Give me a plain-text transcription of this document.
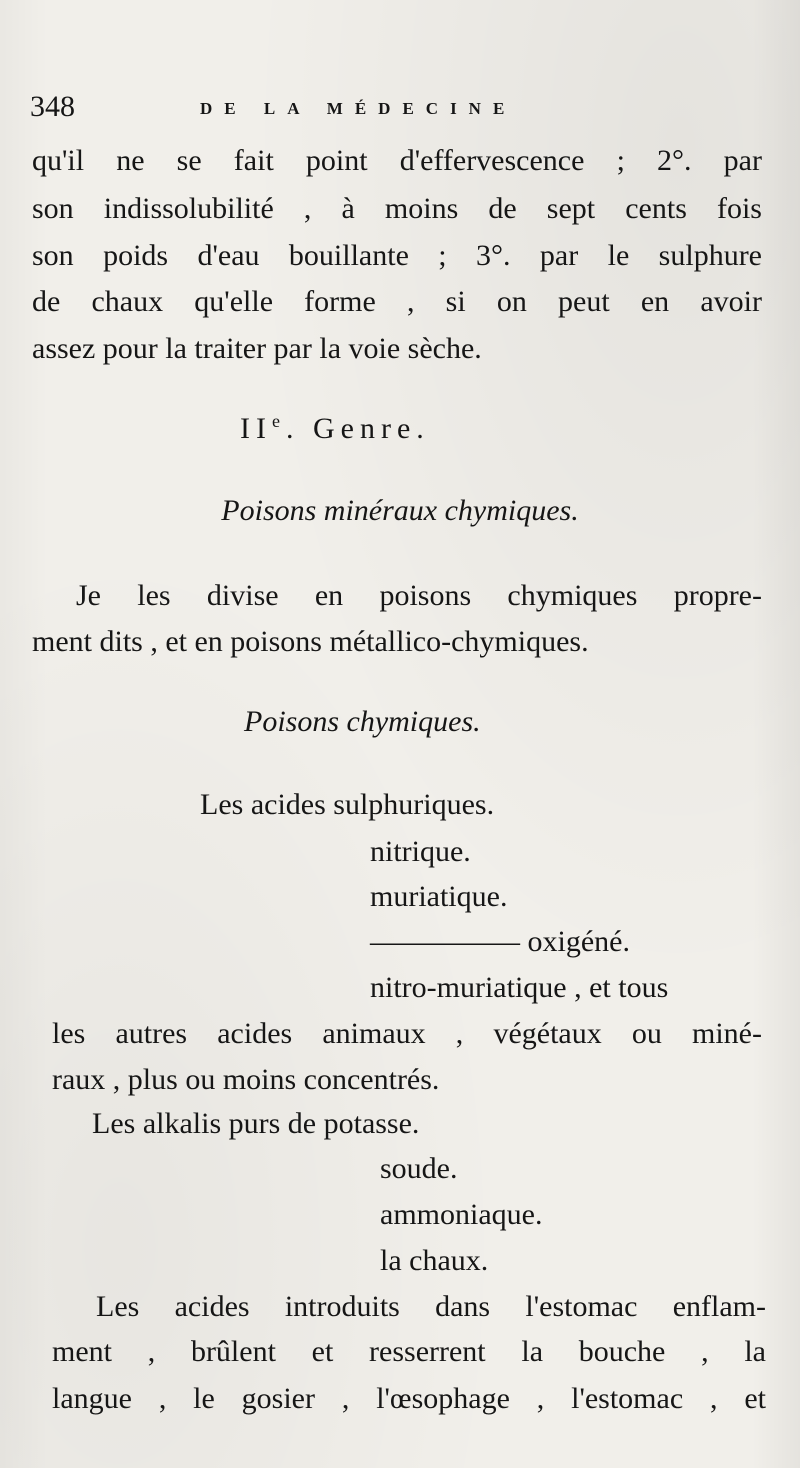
348	DE LA MÉDECINE
qu'il ne se fait point d'effervescence ; 2°. par
son indissolubilité , à moins de sept cents fois
son poids d'eau bouillante ; 3°. par le sulphure
de chaux qu'elle forme , si on peut en avoir
assez pour la traiter par la voie sèche.
IIe. Genre.
Poisons minéraux chymiques.
Je les divise en poisons chymiques propre-
ment dits , et en poisons métallico-chymiques.
Poisons chymiques.
Les acides sulphuriques.
nitrique.
muriatique.
————— oxigéné.
nitro-muriatique , et tous
les autres acides animaux , végétaux ou miné-
raux , plus ou moins concentrés.
Les alkalis purs de potasse.
soude.
ammoniaque.
la chaux.
Les acides introduits dans l'estomac enflam-
ment , brûlent et resserrent la bouche , la
langue , le gosier , l'œsophage , l'estomac , et
